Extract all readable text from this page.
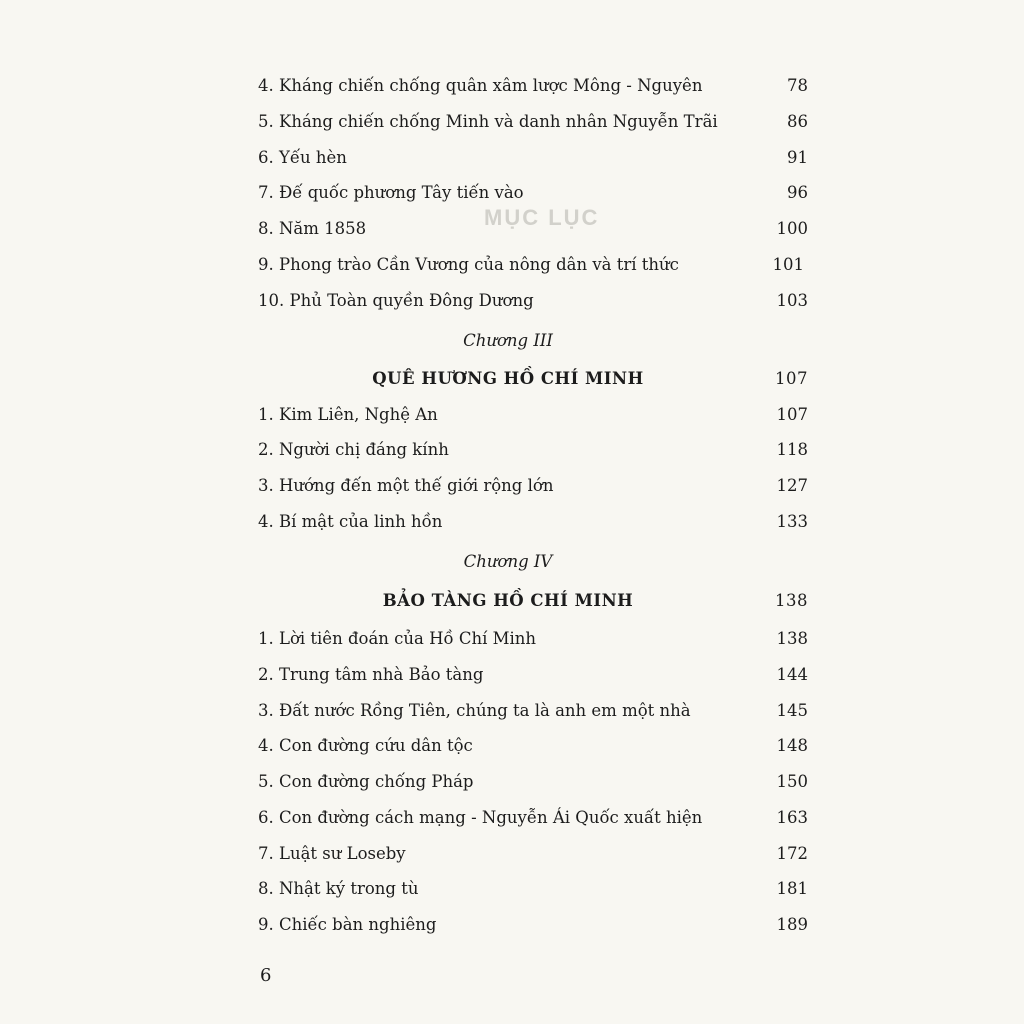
MỤC LỤC
4. Kháng chiến chống quân xâm lược Mông - Nguyên	78
5. Kháng chiến chống Minh và danh nhân Nguyễn Trãi	86
6. Yếu hèn	91
7. Đế quốc phương Tây tiến vào	96
8. Năm 1858	100
9. Phong trào Cần Vương của nông dân và trí thức	101
10. Phủ Toàn quyền Đông Dương	103
Chương III
QUÊ HƯƠNG HỒ CHÍ MINH	107
1. Kim Liên, Nghệ An	107
2. Người chị đáng kính	118
3. Hướng đến một thế giới rộng lớn	127
4. Bí mật của linh hồn	133
Chương IV
BẢO TÀNG HỒ CHÍ MINH	138
1. Lời tiên đoán của Hồ Chí Minh	138
2. Trung tâm nhà Bảo tàng	144
3. Đất nước Rồng Tiên, chúng ta là anh em một nhà	145
4. Con đường cứu dân tộc	148
5. Con đường chống Pháp	150
6. Con đường cách mạng - Nguyễn Ái Quốc xuất hiện	163
7. Luật sư Loseby	172
8. Nhật ký trong tù	181
9. Chiếc bàn nghiêng	189
6
